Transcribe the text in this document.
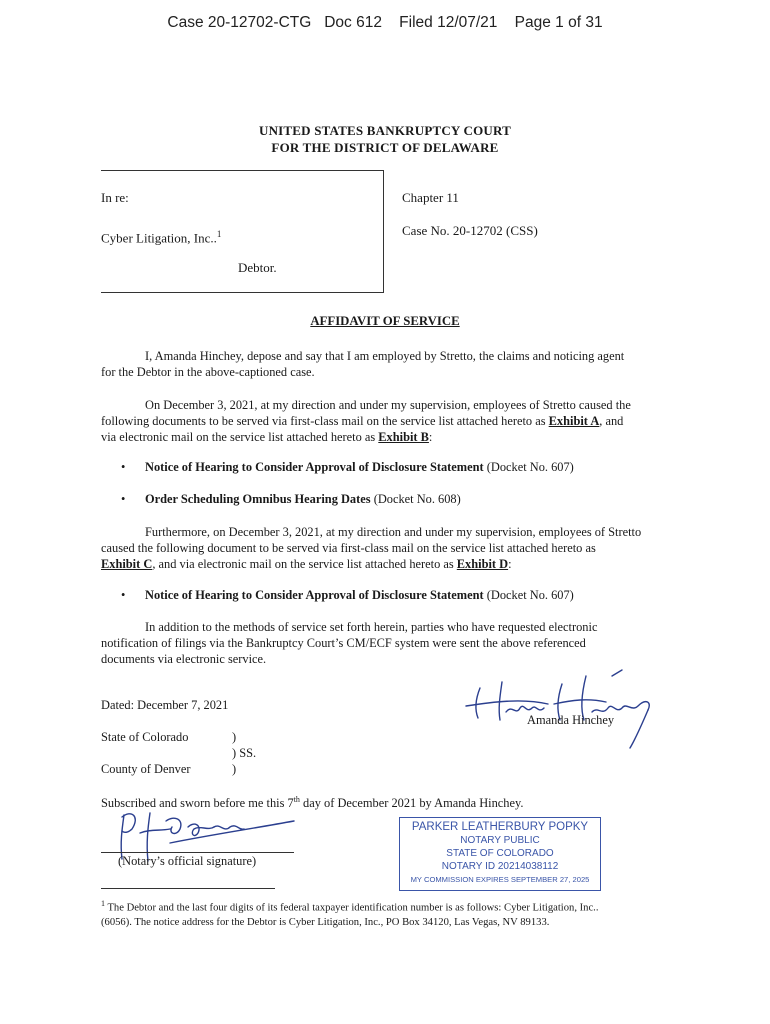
Case 20-12702-CTG Doc 612 Filed 12/07/21 Page 1 of 31
UNITED STATES BANKRUPTCY COURT
FOR THE DISTRICT OF DELAWARE
In re:
Cyber Litigation, Inc..$^1$
Debtor.
Chapter 11
Case No. 20-12702 (CSS)
AFFIDAVIT OF SERVICE
I, Amanda Hinchey, depose and say that I am employed by Stretto, the claims and noticing agent
for the Debtor in the above-captioned case.
On December 3, 2021, at my direction and under my supervision, employees of Stretto caused the
following documents to be served via first-class mail on the service list attached hereto as Exhibit A, and
via electronic mail on the service list attached hereto as Exhibit B:
• Notice of Hearing to Consider Approval of Disclosure Statement (Docket No. 607)
• Order Scheduling Omnibus Hearing Dates (Docket No. 608)
Furthermore, on December 3, 2021, at my direction and under my supervision, employees of Stretto
caused the following document to be served via first-class mail on the service list attached hereto as
Exhibit C, and via electronic mail on the service list attached hereto as Exhibit D:
• Notice of Hearing to Consider Approval of Disclosure Statement (Docket No. 607)
In addition to the methods of service set forth herein, parties who have requested electronic
notification of filings via the Bankruptcy Court’s CM/ECF system were sent the above referenced
documents via electronic service.
Dated: December 7, 2021
Amanda Hinchey
State of Colorado	)
) SS.
County of Denver	)
Subscribed and sworn before me this 7th day of December 2021 by Amanda Hinchey.
(Notary’s official signature)
PARKER LEATHERBURY POPKY
NOTARY PUBLIC
STATE OF COLORADO
NOTARY ID 20214038112
MY COMMISSION EXPIRES SEPTEMBER 27, 2025
$^1$ The Debtor and the last four digits of its federal taxpayer identification number is as follows: Cyber Litigation, Inc..
(6056). The notice address for the Debtor is Cyber Litigation, Inc., PO Box 34120, Las Vegas, NV 89133.
